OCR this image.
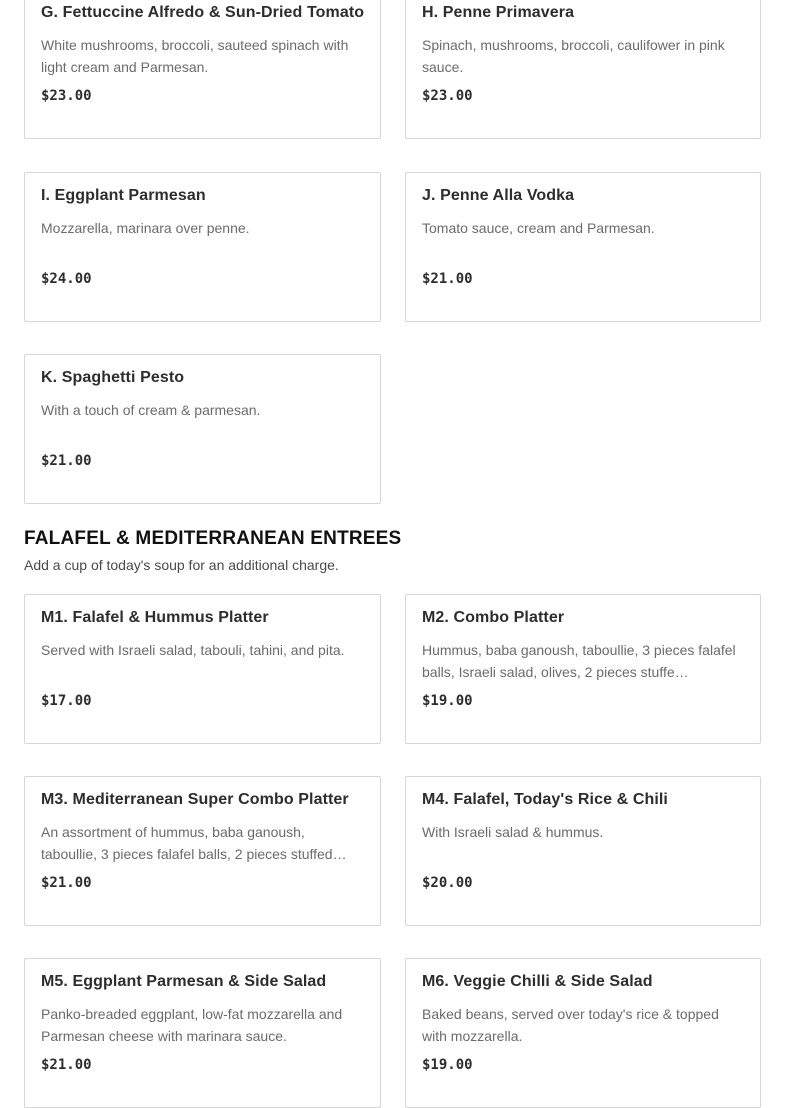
G. Fettuccine Alfredo & Sun-Dried Tomato
White mushrooms, broccoli, sauteed spinach with light cream and Parmesan.
$23.00
H. Penne Primavera
Spinach, mushrooms, broccoli, caulifower in pink sauce.
$23.00
I. Eggplant Parmesan
Mozzarella, marinara over penne.
$24.00
J. Penne Alla Vodka
Tomato sauce, cream and Parmesan.
$21.00
K. Spaghetti Pesto
With a touch of cream & parmesan.
$21.00
FALAFEL & MEDITERRANEAN ENTREES

Add a cup of today's soup for an additional charge.

M1. Falafel & Hummus Platter
Served with Israeli salad, tabouli, tahini, and pita.
$17.00
M2. Combo Platter
Hummus, baba ganoush, taboullie, 3 pieces falafel balls, Israeli salad, olives, 2 pieces stuffe…
$19.00
M3. Mediterranean Super Combo Platter
An assortment of hummus, baba ganoush, taboullie, 3 pieces falafel balls, 2 pieces stuffed…
$21.00
M4. Falafel, Today's Rice & Chili
With Israeli salad & hummus.
$20.00
M5. Eggplant Parmesan & Side Salad
Panko-breaded eggplant, low-fat mozzarella and Parmesan cheese with marinara sauce.
$21.00
M6. Veggie Chilli & Side Salad
Baked beans, served over today's rice & topped with mozzarella.
$19.00
